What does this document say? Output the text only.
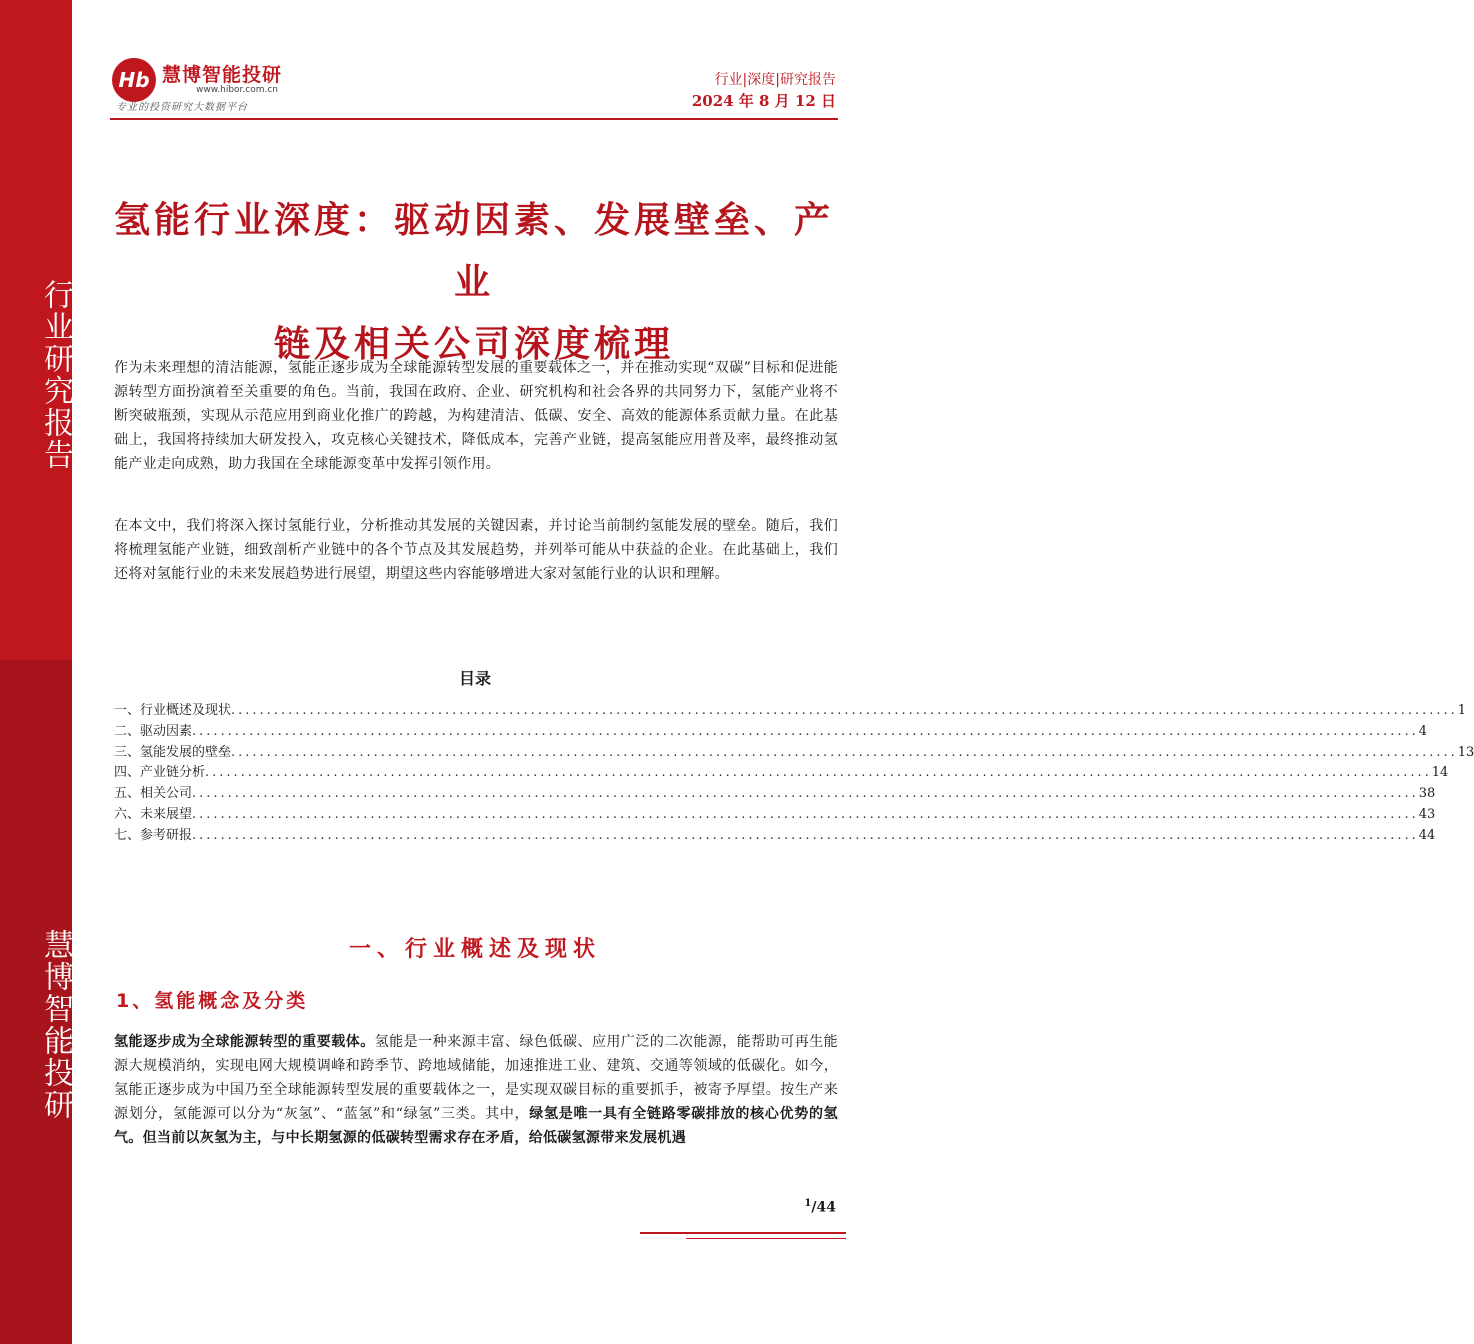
行业研究报告
慧博智能投研
Hb 慧博智能投研
www.hibor.com.cn
专业的投资研究大数据平台
行业|深度|研究报告
2024 年 8 月 12 日
氢能行业深度：驱动因素、发展壁垒、产业
链及相关公司深度梳理
作为未来理想的清洁能源，氢能正逐步成为全球能源转型发展的重要载体之一，并在推动实现“双碳”目标和促进能源转型方面扮演着至关重要的角色。当前，我国在政府、企业、研究机构和社会各界的共同努力下，氢能产业将不断突破瓶颈，实现从示范应用到商业化推广的跨越，为构建清洁、低碳、安全、高效的能源体系贡献力量。在此基础上，我国将持续加大研发投入，攻克核心关键技术，降低成本，完善产业链，提高氢能应用普及率，最终推动氢能产业走向成熟，助力我国在全球能源变革中发挥引领作用。
在本文中，我们将深入探讨氢能行业，分析推动其发展的关键因素，并讨论当前制约氢能发展的壁垒。随后，我们将梳理氢能产业链，细致剖析产业链中的各个节点及其发展趋势，并列举可能从中获益的企业。在此基础上，我们还将对氢能行业的未来发展趋势进行展望，期望这些内容能够增进大家对氢能行业的认识和理解。
目录
一、行业概述及现状 ............................................................................................................................................................................ 1
二、驱动因素 ............................................................................................................................................................................ 4
三、氢能发展的壁垒 ............................................................................................................................................................................ 13
四、产业链分析 ............................................................................................................................................................................ 14
五、相关公司 ............................................................................................................................................................................ 38
六、未来展望 ............................................................................................................................................................................ 43
七、参考研报 ............................................................................................................................................................................ 44
一、行业概述及现状
1、氢能概念及分类
氢能逐步成为全球能源转型的重要载体。氢能是一种来源丰富、绿色低碳、应用广泛的二次能源，能帮助可再生能源大规模消纳，实现电网大规模调峰和跨季节、跨地域储能，加速推进工业、建筑、交通等领域的低碳化。如今，氢能正逐步成为中国乃至全球能源转型发展的重要载体之一，是实现双碳目标的重要抓手，被寄予厚望。按生产来源划分，氢能源可以分为“灰氢”、“蓝氢”和“绿氢”三类。其中，绿氢是唯一具有全链路零碳排放的核心优势的氢气。但当前以灰氢为主，与中长期氢源的低碳转型需求存在矛盾，给低碳氢源带来发展机遇
$^1$/44
